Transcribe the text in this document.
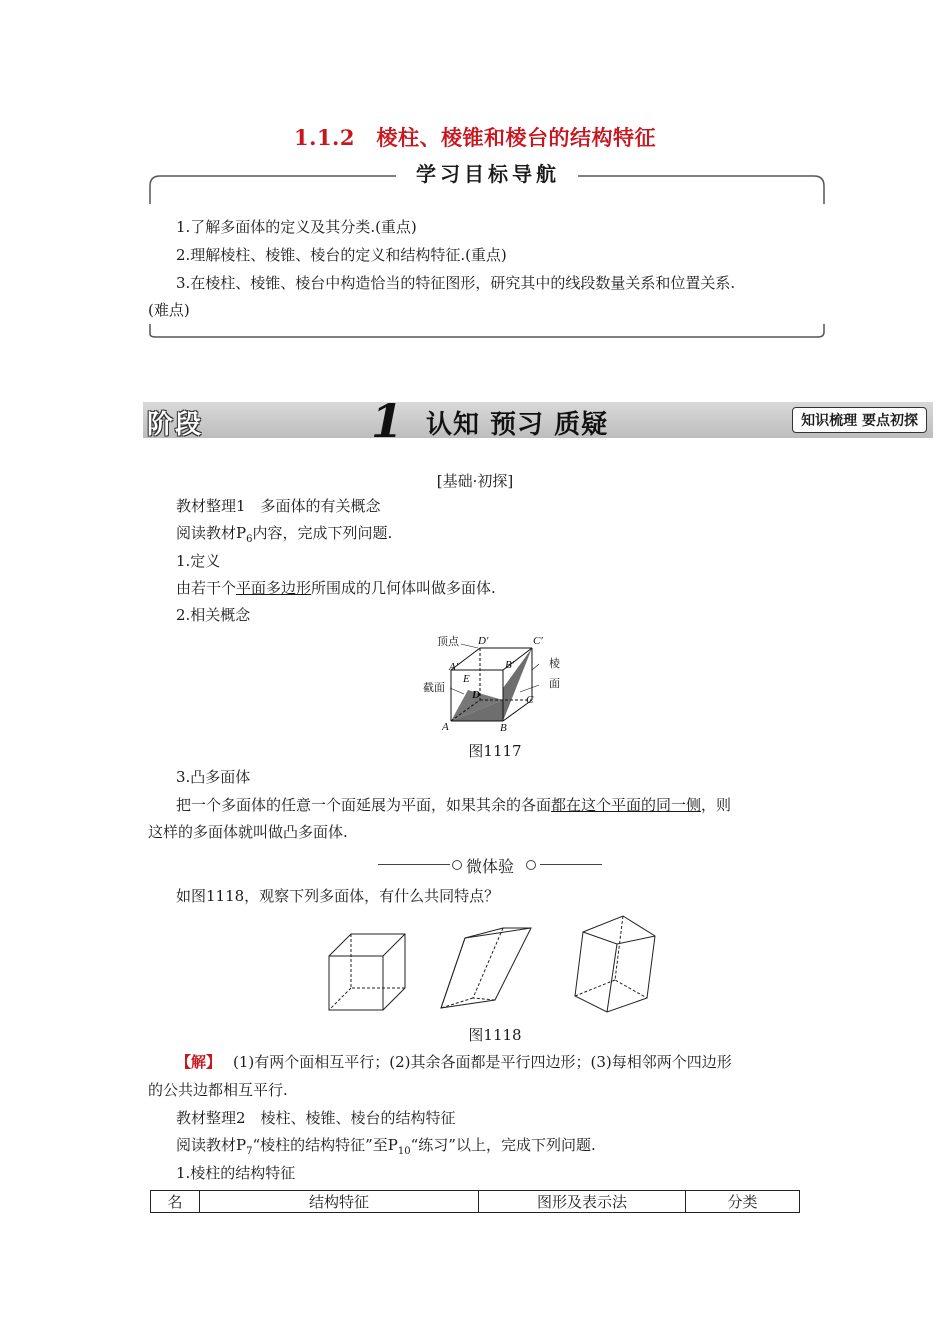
1.1.2　棱柱、棱锥和棱台的结构特征
学习目标导航
1.了解多面体的定义及其分类.(重点)
2.理解棱柱、棱锥、棱台的定义和结构特征.(重点)
3.在棱柱、棱锥、棱台中构造恰当的特征图形，研究其中的线段数量关系和位置关系.
(难点)
阶段	1 认知 预习 质疑	知识梳理 要点初探
[基础·初探]
教材整理1　多面体的有关概念
阅读教材$P_6$内容，完成下列问题.
1.定义
由若干个平面多边形所围成的几何体叫做多面体.
2.相关概念
顶点 D′	C′
A′	B′	棱
E	面
截面
D	C
A	B
图1117
3.凸多面体
把一个多面体的任意一个面延展为平面，如果其余的各面都在这个平面的同一侧，则
这样的多面体就叫做凸多面体.
微体验
如图1118，观察下列多面体，有什么共同特点？
图1118
【解】 (1)有两个面相互平行；(2)其余各面都是平行四边形；(3)每相邻两个四边形
的公共边都相互平行.
教材整理2　棱柱、棱锥、棱台的结构特征
阅读教材$P_7“$棱柱的结构特征”至$P_{10}“$练习”以上，完成下列问题.
1.棱柱的结构特征
名	结构特征	图形及表示法	分类
